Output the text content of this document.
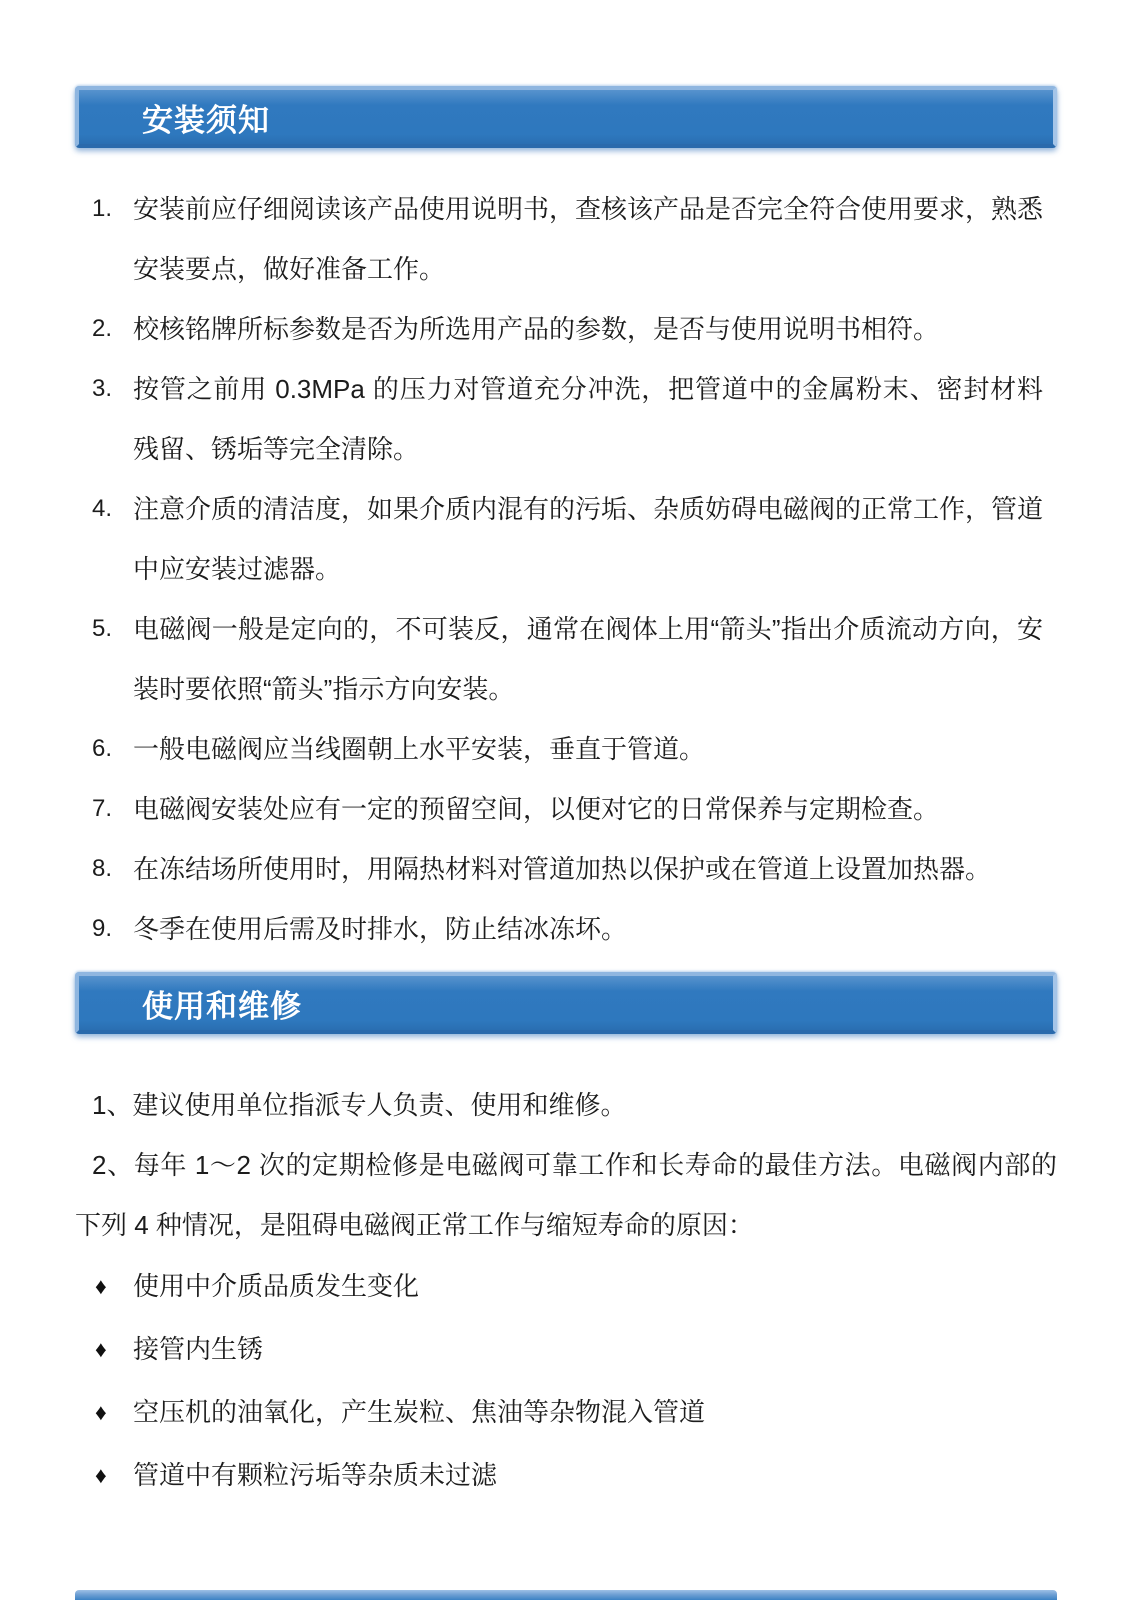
安装须知
1. 安装前应仔细阅读该产品使用说明书，查核该产品是否完全符合使用要求，熟悉安装要点，做好准备工作。
2. 校核铭牌所标参数是否为所选用产品的参数，是否与使用说明书相符。
3. 按管之前用 0.3MPa 的压力对管道充分冲洗，把管道中的金属粉末、密封材料残留、锈垢等完全清除。
4. 注意介质的清洁度，如果介质内混有的污垢、杂质妨碍电磁阀的正常工作，管道中应安装过滤器。
5. 电磁阀一般是定向的，不可装反，通常在阀体上用“箭头”指出介质流动方向，安装时要依照“箭头”指示方向安装。
6. 一般电磁阀应当线圈朝上水平安装，垂直于管道。
7. 电磁阀安装处应有一定的预留空间，以便对它的日常保养与定期检查。
8. 在冻结场所使用时，用隔热材料对管道加热以保护或在管道上设置加热器。
9. 冬季在使用后需及时排水，防止结冰冻坏。
使用和维修

1、建议使用单位指派专人负责、使用和维修。

2、每年 1～2 次的定期检修是电磁阀可靠工作和长寿命的最佳方法。电磁阀内部的下列 4 种情况，是阻碍电磁阀正常工作与缩短寿命的原因：

♦	使用中介质品质发生变化
♦	接管内生锈
♦	空压机的油氧化，产生炭粒、焦油等杂物混入管道
♦	管道中有颗粒污垢等杂质未过滤
